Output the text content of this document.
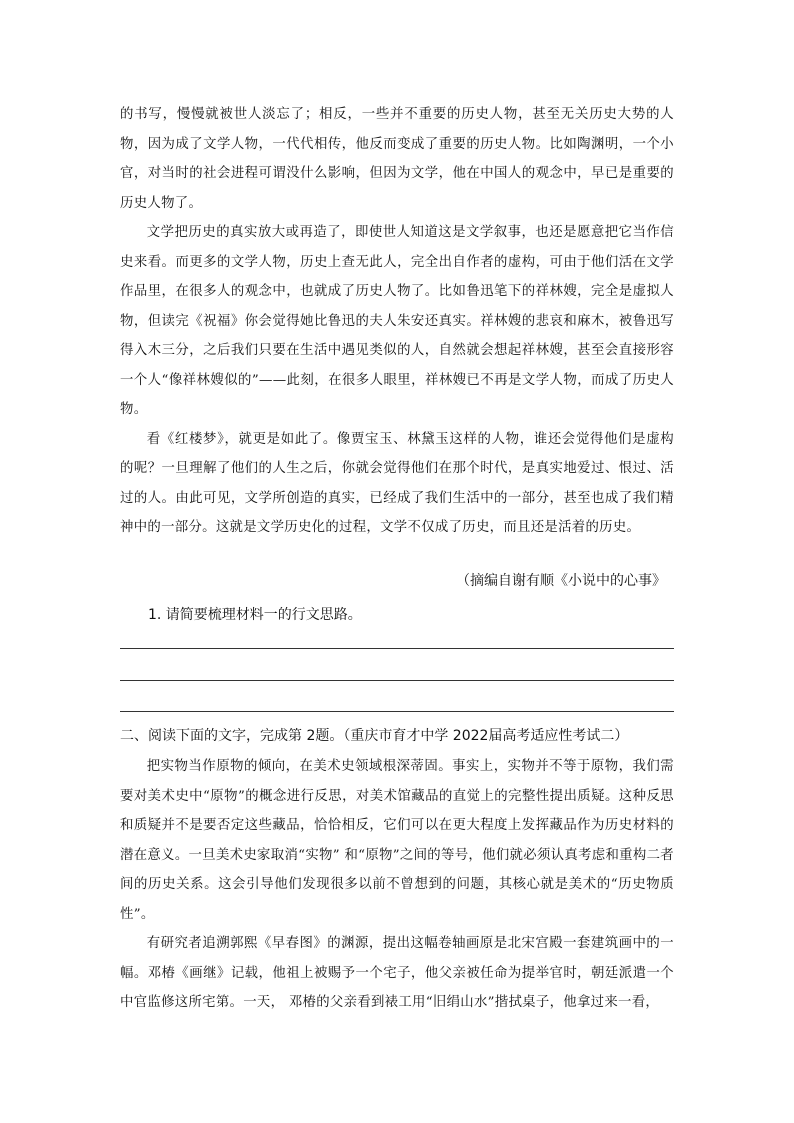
的书写，慢慢就被世人淡忘了；相反，一些并不重要的历史人物，甚至无关历史大势的人物，因为成了文学人物，一代代相传，他反而变成了重要的历史人物。比如陶渊明，一个小官，对当时的社会进程可谓没什么影响，但因为文学，他在中国人的观念中，早已是重要的历史人物了。

文学把历史的真实放大或再造了，即使世人知道这是文学叙事，也还是愿意把它当作信史来看。而更多的文学人物，历史上查无此人，完全出自作者的虚构，可由于他们活在文学作品里，在很多人的观念中，也就成了历史人物了。比如鲁迅笔下的祥林嫂，完全是虚拟人物，但读完《祝福》你会觉得她比鲁迅的夫人朱安还真实。祥林嫂的悲哀和麻木，被鲁迅写得入木三分，之后我们只要在生活中遇见类似的人，自然就会想起祥林嫂，甚至会直接形容一个人“像祥林嫂似的”——此刻，在很多人眼里，祥林嫂已不再是文学人物，而成了历史人物。

看《红楼梦》，就更是如此了。像贾宝玉、林黛玉这样的人物，谁还会觉得他们是虚构的呢？一旦理解了他们的人生之后，你就会觉得他们在那个时代，是真实地爱过、恨过、活过的人。由此可见，文学所创造的真实，已经成了我们生活中的一部分，甚至也成了我们精神中的一部分。这就是文学历史化的过程，文学不仅成了历史，而且还是活着的历史。

（摘编自谢有顺《小说中的心事》
1. 请简要梳理材料一的行文思路。
二、阅读下面的文字，完成第 2题。（重庆市育才中学 2022届高考适应性考试二）

把实物当作原物的倾向，在美术史领域根深蒂固。事实上，实物并不等于原物，我们需要对美术史中“原物”的概念进行反思，对美术馆藏品的直觉上的完整性提出质疑。这种反思和质疑并不是要否定这些藏品，恰恰相反，它们可以在更大程度上发挥藏品作为历史材料的潜在意义。一旦美术史家取消“实物” 和“原物”之间的等号，他们就必须认真考虑和重构二者间的历史关系。这会引导他们发现很多以前不曾想到的问题，其核心就是美术的“历史物质性”。

有研究者追溯郭熙《早春图》的渊源，提出这幅卷轴画原是北宋宫殿一套建筑画中的一幅。邓椿《画继》记载，他祖上被赐予一个宅子，他父亲被任命为提举官时，朝廷派遣一个中官监修这所宅第。一天， 邓椿的父亲看到裱工用“旧绢山水”揩拭桌子，他拿过来一看，
